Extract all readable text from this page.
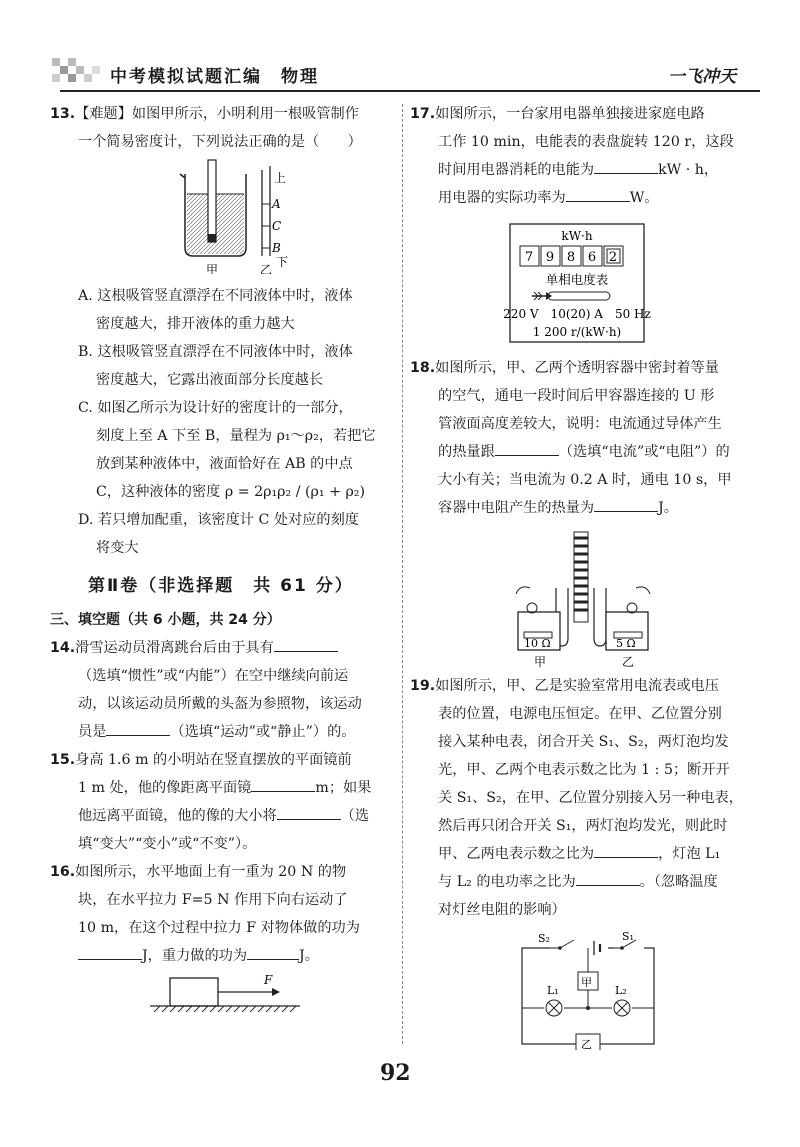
中考模拟试题汇编　物理	一飞冲天
13.【难题】如图甲所示，小明利用一根吸管制作
一个简易密度计，下列说法正确的是（　　）
上
A
C
B
下
甲	乙
A. 这根吸管竖直漂浮在不同液体中时，液体
密度越大，排开液体的重力越大
B. 这根吸管竖直漂浮在不同液体中时，液体
密度越大，它露出液面部分长度越长
C. 如图乙所示为设计好的密度计的一部分，
刻度上至 A 下至 B，量程为 ρ₁～ρ₂，若把它
放到某种液体中，液面恰好在 AB 的中点
C，这种液体的密度 ρ = 2ρ₁ρ₂ / (ρ₁ + ρ₂)
D. 若只增加配重，该密度计 C 处对应的刻度
将变大
第Ⅱ卷（非选择题　共 61 分）
三、填空题（共 6 小题，共 24 分）
14.滑雪运动员滑离跳台后由于具有
（选填“惯性”或“内能”）在空中继续向前运
动，以该运动员所戴的头盔为参照物，该运动
员是	（选填“运动”或“静止”）的。
15.身高 1.6 m 的小明站在竖直摆放的平面镜前
1 m 处，他的像距离平面镜	m；如果
他远离平面镜，他的像的大小将	（选
填“变大”“变小”或“不变”）。
16.如图所示，水平地面上有一重为 20 N 的物
块，在水平拉力 F=5 N 作用下向右运动了
10 m，在这个过程中拉力 F 对物体做的功为
J，重力做的功为	J。
F
17.如图所示，一台家用电器单独接进家庭电路
工作 10 min，电能表的表盘旋转 120 r，这段
时间用电器消耗的电能为	kW · h，
用电器的实际功率为	W。
kW·h
7 9 8 6 2
单相电度表
220 V　10(20) A　50 Hz
1 200 r/(kW·h)
18.如图所示，甲、乙两个透明容器中密封着等量
的空气，通电一段时间后甲容器连接的 U 形
管液面高度差较大，说明：电流通过导体产生
的热量跟	（选填“电流”或“电阻”）的
大小有关；当电流为 0.2 A 时，通电 10 s，甲
容器中电阻产生的热量为	J。
10 Ω	5 Ω
甲	乙
19.如图所示，甲、乙是实验室常用电流表或电压
表的位置，电源电压恒定。在甲、乙位置分别
接入某种电表，闭合开关 S₁、S₂，两灯泡均发
光，甲、乙两个电表示数之比为 1 : 5；断开开
关 S₁、S₂，在甲、乙位置分别接入另一种电表，
然后再只闭合开关 S₁，两灯泡均发光，则此时
甲、乙两电表示数之比为	，灯泡 L₁
与 L₂ 的电功率之比为	。（忽略温度
对灯丝电阻的影响）
S₂	S₁
甲
L₁	L₂
乙
92
